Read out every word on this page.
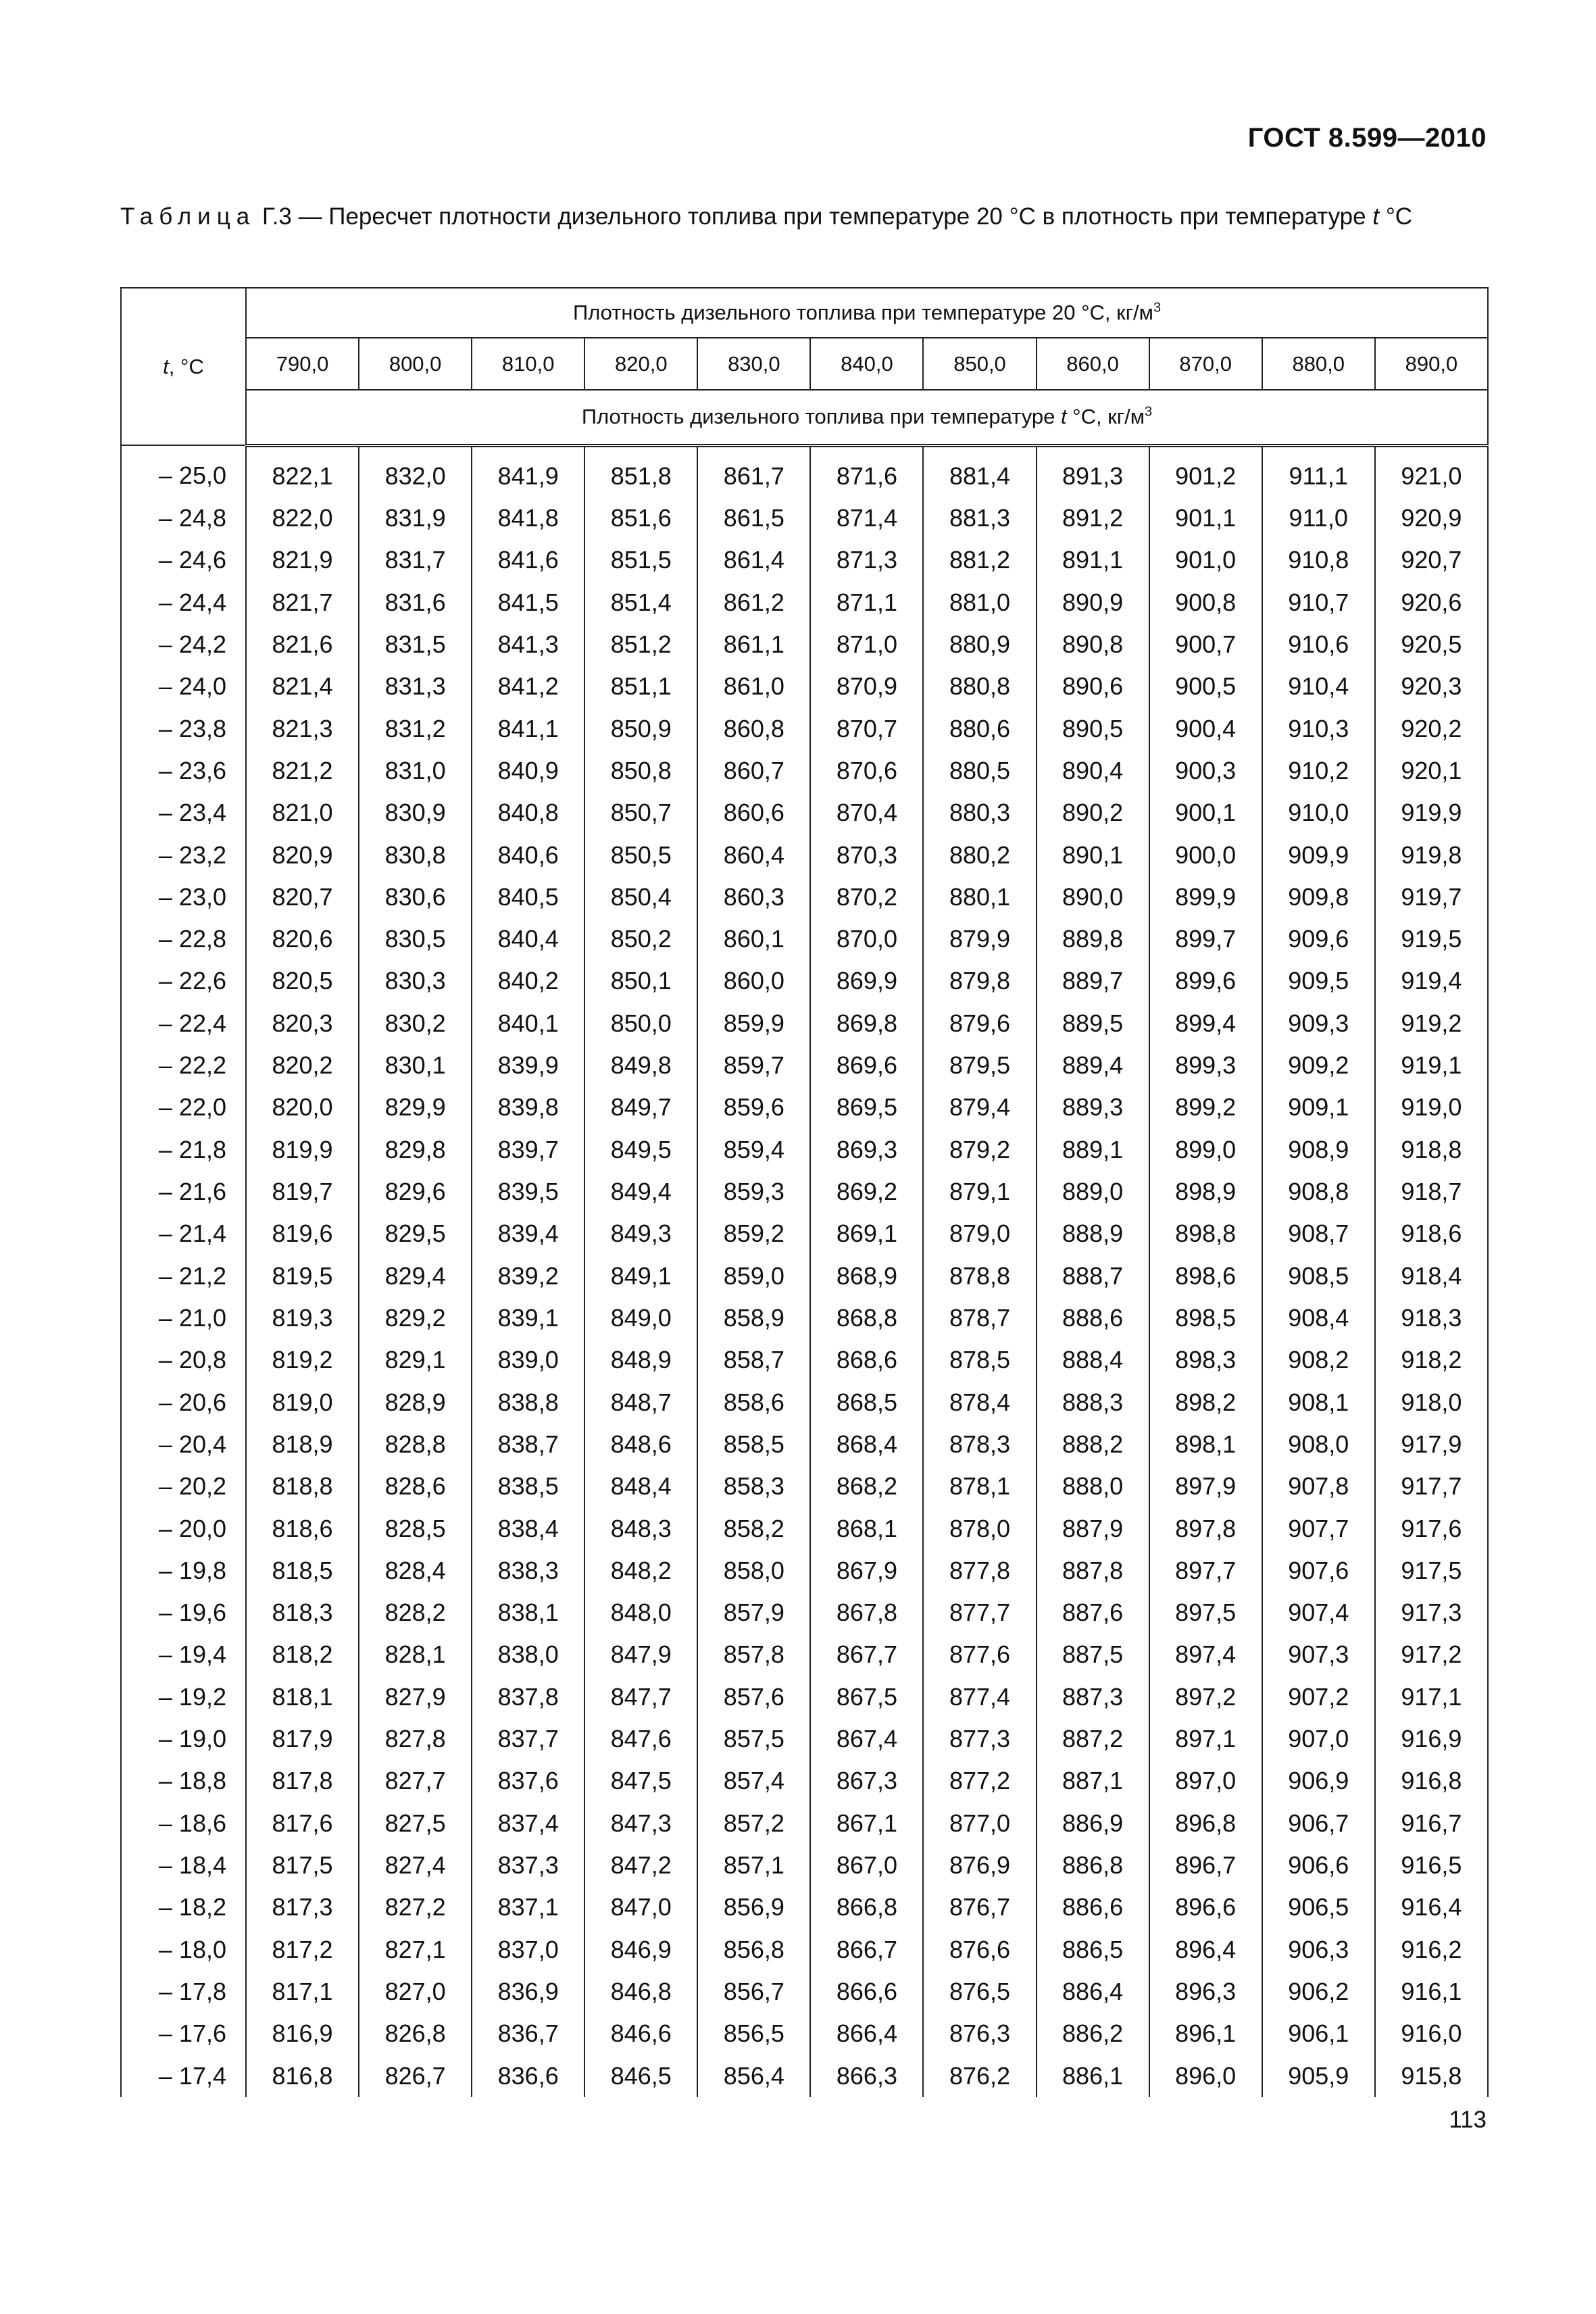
ГОСТ 8.599—2010
Таблица Г.3 — Пересчет плотности дизельного топлива при температуре 20 °С в плотность при температуре t °С
t, °С	Плотность дизельного топлива при температуре 20 °С, $кг/м^3$
	790,0	800,0	810,0	820,0	830,0	840,0	850,0	860,0	870,0	880,0	890,0
	Плотность дизельного топлива при температуре t °С, $кг/м^3$
– 25,0	822,1	832,0	841,9	851,8	861,7	871,6	881,4	891,3	901,2	911,1	921,0
– 24,8	822,0	831,9	841,8	851,6	861,5	871,4	881,3	891,2	901,1	911,0	920,9
– 24,6	821,9	831,7	841,6	851,5	861,4	871,3	881,2	891,1	901,0	910,8	920,7
– 24,4	821,7	831,6	841,5	851,4	861,2	871,1	881,0	890,9	900,8	910,7	920,6
– 24,2	821,6	831,5	841,3	851,2	861,1	871,0	880,9	890,8	900,7	910,6	920,5
– 24,0	821,4	831,3	841,2	851,1	861,0	870,9	880,8	890,6	900,5	910,4	920,3
– 23,8	821,3	831,2	841,1	850,9	860,8	870,7	880,6	890,5	900,4	910,3	920,2
– 23,6	821,2	831,0	840,9	850,8	860,7	870,6	880,5	890,4	900,3	910,2	920,1
– 23,4	821,0	830,9	840,8	850,7	860,6	870,4	880,3	890,2	900,1	910,0	919,9
– 23,2	820,9	830,8	840,6	850,5	860,4	870,3	880,2	890,1	900,0	909,9	919,8
– 23,0	820,7	830,6	840,5	850,4	860,3	870,2	880,1	890,0	899,9	909,8	919,7
– 22,8	820,6	830,5	840,4	850,2	860,1	870,0	879,9	889,8	899,7	909,6	919,5
– 22,6	820,5	830,3	840,2	850,1	860,0	869,9	879,8	889,7	899,6	909,5	919,4
– 22,4	820,3	830,2	840,1	850,0	859,9	869,8	879,6	889,5	899,4	909,3	919,2
– 22,2	820,2	830,1	839,9	849,8	859,7	869,6	879,5	889,4	899,3	909,2	919,1
– 22,0	820,0	829,9	839,8	849,7	859,6	869,5	879,4	889,3	899,2	909,1	919,0
– 21,8	819,9	829,8	839,7	849,5	859,4	869,3	879,2	889,1	899,0	908,9	918,8
– 21,6	819,7	829,6	839,5	849,4	859,3	869,2	879,1	889,0	898,9	908,8	918,7
– 21,4	819,6	829,5	839,4	849,3	859,2	869,1	879,0	888,9	898,8	908,7	918,6
– 21,2	819,5	829,4	839,2	849,1	859,0	868,9	878,8	888,7	898,6	908,5	918,4
– 21,0	819,3	829,2	839,1	849,0	858,9	868,8	878,7	888,6	898,5	908,4	918,3
– 20,8	819,2	829,1	839,0	848,9	858,7	868,6	878,5	888,4	898,3	908,2	918,2
– 20,6	819,0	828,9	838,8	848,7	858,6	868,5	878,4	888,3	898,2	908,1	918,0
– 20,4	818,9	828,8	838,7	848,6	858,5	868,4	878,3	888,2	898,1	908,0	917,9
– 20,2	818,8	828,6	838,5	848,4	858,3	868,2	878,1	888,0	897,9	907,8	917,7
– 20,0	818,6	828,5	838,4	848,3	858,2	868,1	878,0	887,9	897,8	907,7	917,6
– 19,8	818,5	828,4	838,3	848,2	858,0	867,9	877,8	887,8	897,7	907,6	917,5
– 19,6	818,3	828,2	838,1	848,0	857,9	867,8	877,7	887,6	897,5	907,4	917,3
– 19,4	818,2	828,1	838,0	847,9	857,8	867,7	877,6	887,5	897,4	907,3	917,2
– 19,2	818,1	827,9	837,8	847,7	857,6	867,5	877,4	887,3	897,2	907,2	917,1
– 19,0	817,9	827,8	837,7	847,6	857,5	867,4	877,3	887,2	897,1	907,0	916,9
– 18,8	817,8	827,7	837,6	847,5	857,4	867,3	877,2	887,1	897,0	906,9	916,8
– 18,6	817,6	827,5	837,4	847,3	857,2	867,1	877,0	886,9	896,8	906,7	916,7
– 18,4	817,5	827,4	837,3	847,2	857,1	867,0	876,9	886,8	896,7	906,6	916,5
– 18,2	817,3	827,2	837,1	847,0	856,9	866,8	876,7	886,6	896,6	906,5	916,4
– 18,0	817,2	827,1	837,0	846,9	856,8	866,7	876,6	886,5	896,4	906,3	916,2
– 17,8	817,1	827,0	836,9	846,8	856,7	866,6	876,5	886,4	896,3	906,2	916,1
– 17,6	816,9	826,8	836,7	846,6	856,5	866,4	876,3	886,2	896,1	906,1	916,0
– 17,4	816,8	826,7	836,6	846,5	856,4	866,3	876,2	886,1	896,0	905,9	915,8
113
